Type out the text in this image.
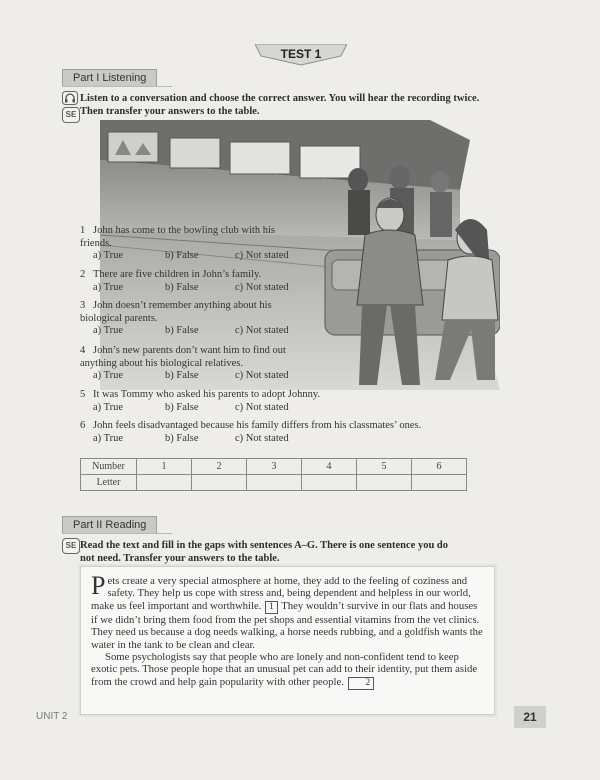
TEST 1
Part I Listening
SE
Listen to a conversation and choose the correct answer. You will hear the recording twice.
Then transfer your answers to the table.
1 John has come to the bowling club with his friends.
a) True	b) False	c) Not stated
2 There are five children in John’s family.
a) True	b) False	c) Not stated
3 John doesn’t remember anything about his biological parents.
a) True	b) False	c) Not stated
4 John’s new parents don’t want him to find out anything about his biological relatives.
a) True	b) False	c) Not stated
5 It was Tommy who asked his parents to adopt Johnny.
a) True	b) False	c) Not stated
6 John feels disadvantaged because his family differs from his classmates’ ones.
a) True	b) False	c) Not stated
Number	1	2	3	4	5	6
Letter						
Part II Reading
SE Read the text and fill in the gaps with sentences A–G. There is one sentence you do
not need. Transfer your answers to the table.
Pets create a very special atmosphere at home, they add to the feeling of coziness and safety. They help us cope with stress and, being dependent and helpless in our world, make us feel important and worthwhile. 1 They wouldn’t survive in our flats and houses if we didn’t bring them food from the pet shops and essential vitamins from the vet clinics. They need us because a dog needs walking, a horse needs rubbing, and a goldfish wants the water in the tank to be clean and clear.
Some psychologists say that people who are lonely and non-confident tend to keep exotic pets. Those people hope that an unusual pet can add to their identity, put them aside from the crowd and help gain popularity with other people. 2
UNIT 2	21
